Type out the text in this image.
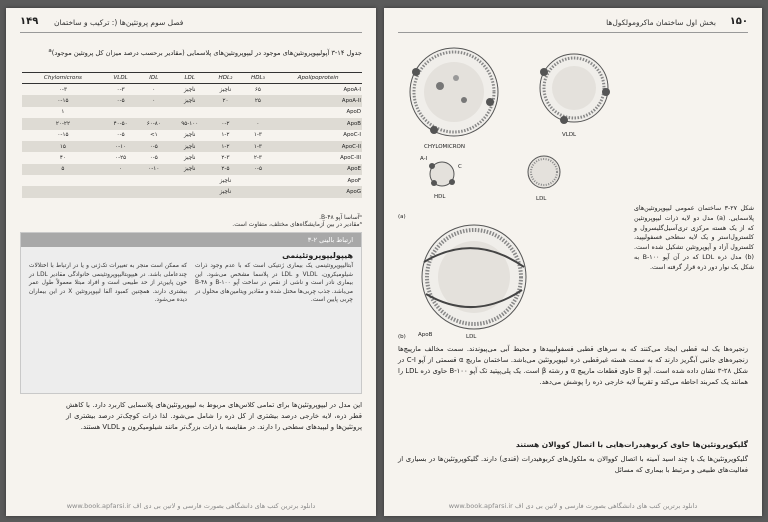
۱۴۹ فصل سوم پروتئین‌ها (: ترکیب و ساختمان
جدول ۱۴-۳ آپولیپوپروتئین‌های موجود در لیپوپروتئین‌های پلاسمایی (مقادیر برحسب درصد میزان کل پروتئین موجود)$^a$
Chylomicrons	VLDL	IDL	LDL	HDL₂	HDL₃	Apolipoprotein
٠-۳	٠-۳	٠	ناچیز	ناچیز	۶۵	ApoA-I
٠-۱۵	٠-۵	٠	ناچیز	۲۰	۲۵	ApoA-II
١						ApoD
۲۰-۲۲	۴۰-۵۰	۶۰-۸۰	۹۵-۱۰۰	٠-۲	۰	ApoB
٠-۱۵	٠-۵	<١	ناچیز	۱-۲	۱-۳	ApoC-I
۱۵	٠-۱٠	٠-۵	ناچیز	۱-۲	۱-۳	ApoC-II
۴٠	٠-۲۵	٠-۵	ناچیز	۲-۳	۲-۳	ApoC-III
۵	۰	٠-۱٠	ناچیز	۲-۵	٠-۵	ApoE
				ناچیز		ApoF
				ناچیز		ApoG
ᵇآساسا آپو ۴۸-B.
ᵃمقادیر در بین آزمایشگاه‌های مختلف، متفاوت است.
ارتباط بالینی ۲-۳
هیپولیپوپروتئینمی
که ممکن است منجر به تغییرات تک‌ژنی و یا در ارتباط با اختلالات چندعاملی باشد. در هیپوبتالیپوپروتئینمی خانوادگی مقادیر LDL در خون پایین‌تر از حد طبیعی است و افراد مبتلا معمولاً طول عمر بیشتری دارند. همچنین کمبود آلفا لیپوپروتئین X در این بیماران دیده می‌شود.
آبتالیپوپروتئینمی یک بیماری ژنتیکی است که با عدم وجود ذرات شیلومیکرون، VLDL و LDL در پلاسما مشخص می‌شود. این بیماری نادر است و ناشی از نقص در ساخت آپو B-۱۰۰ و B-۴۸ می‌باشد. جذب چربی‌ها مختل شده و مقادیر ویتامین‌های محلول در چربی پایین است.
این مدل در لیپوپروتئین‌ها برای تمامی کلاس‌های مربوط به لیپوپروتئین‌های پلاسمایی کاربرد دارد. با کاهش قطر ذره، لایه خارجی درصد بیشتری از کل ذره را شامل می‌شود. لذا ذرات کوچک‌تر درصد بیشتری از پروتئین‌ها و لیپیدهای سطحی را دارند. در مقایسه با ذرات بزرگ‌تر مانند شیلومیکرون و VLDL هستند.
دانلود برترین کتب های دانشگاهی بصورت فارسی و لاتین بی دی اف www.book.apfarsi.ir
۱۵۰
بخش اول ساختمان ماکرومولکول‌ها
CHYLOMICRON
VLDL
HDL
A-I
C
LDL
(a)
ApoB	LDL
(b)
شکل ۲۷-۳ ساختمان عمومی لیپوپروتئین‌های پلاسمایی. (a) مدل دو لایه ذرات لیپوپروتئین که از یک هسته مرکزی تری‌آسیل‌گلیسرول و کلسترول‌استر و یک لایه سطحی فسفولیپید، کلسترول آزاد و آپوپروتئین تشکیل شده است. (b) مدل ذره LDL که در آن آپو B-۱۰۰ به شکل یک نوار دور ذره قرار گرفته است.
زنجیره‌ها یک لبه قطبی ایجاد می‌کنند که به سرهای قطبی فسفولیپیدها و محیط آبی می‌پیوندند. سمت مخالف مارپیچ‌ها زنجیره‌های جانبی آبگریز دارند که به سمت هسته غیرقطبی ذره لیپوپروتئین می‌باشد. ساختمان ماریچ α قسمتی از آپو C-I در شکل ۲۸-۳ نشان داده شده است. آپو B حاوی قطعات مارپیچ α و رشته β است. یک پلی‌پپتید تک آپو B-۱۰۰ حاوی ذره LDL را همانند یک کمربند احاطه می‌کند و تقریباً لایه خارجی ذره را پوشش می‌دهد.
گلیکوپروتئین‌ها حاوی کربوهیدرات‌هایی با اتصال کووالان هستند
گلیکوپروتئین‌ها یک یا چند اسید آمینه با اتصال کووالان به ملکول‌های کربوهیدرات (قندی) دارند. گلیکوپروتئین‌ها در بسیاری از فعالیت‌های طبیعی و مرتبط با بیماری که مسائل
دانلود برترین کتب های دانشگاهی بصورت فارسی و لاتین بی دی اف www.book.apfarsi.ir
